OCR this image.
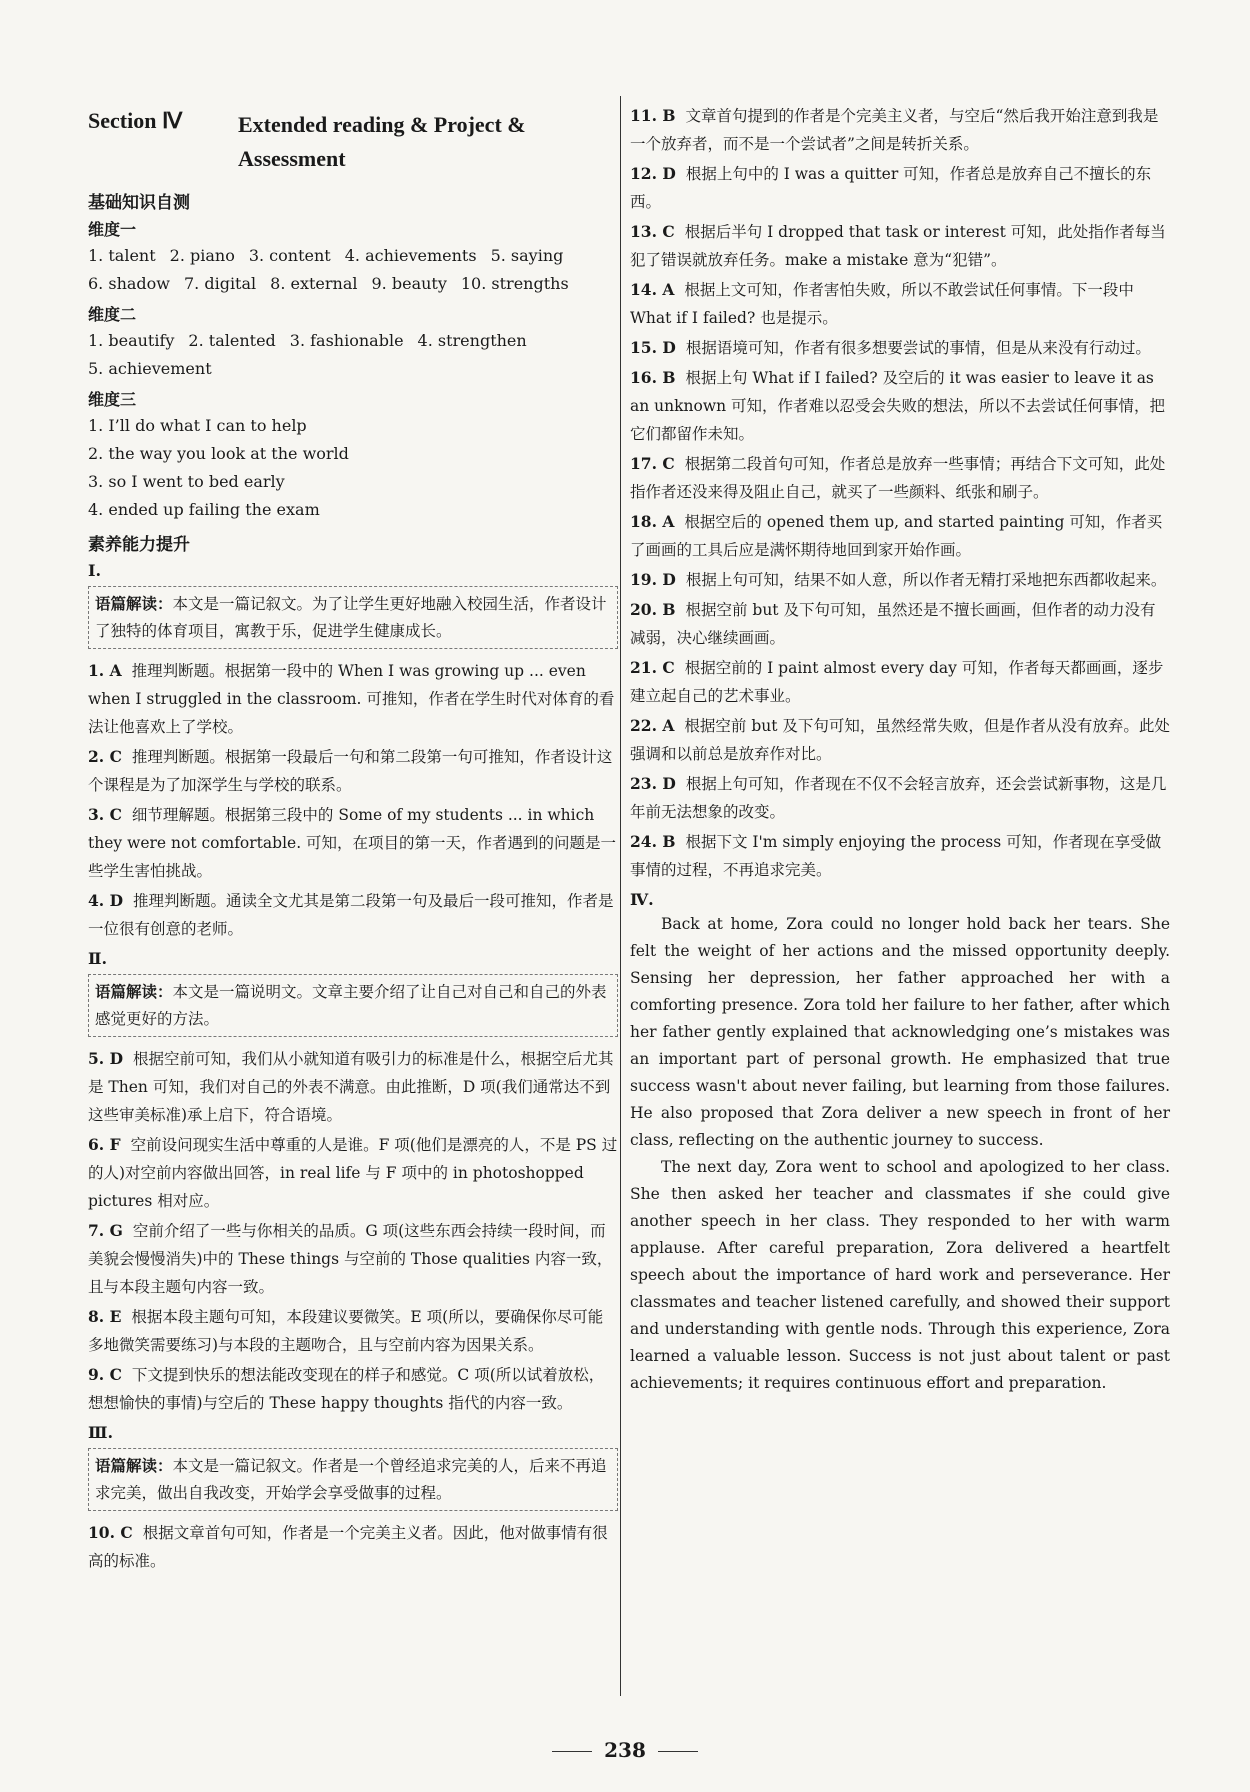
Section Ⅳ	Extended reading & Project & Assessment
基础知识自测
维度一
1. talent 2. piano 3. content 4. achievements 5. saying
6. shadow 7. digital 8. external 9. beauty 10. strengths
维度二
1. beautify 2. talented 3. fashionable 4. strengthen
5. achievement
维度三
1. I’ll do what I can to help
2. the way you look at the world
3. so I went to bed early
4. ended up failing the exam
素养能力提升
Ⅰ.
语篇解读：本文是一篇记叙文。为了让学生更好地融入校园生活，作者设计了独特的体育项目，寓教于乐，促进学生健康成长。
1. A 推理判断题。根据第一段中的 When I was growing up ... even when I struggled in the classroom. 可推知，作者在学生时代对体育的看法让他喜欢上了学校。
2. C 推理判断题。根据第一段最后一句和第二段第一句可推知，作者设计这个课程是为了加深学生与学校的联系。
3. C 细节理解题。根据第三段中的 Some of my students ... in which they were not comfortable. 可知，在项目的第一天，作者遇到的问题是一些学生害怕挑战。
4. D 推理判断题。通读全文尤其是第二段第一句及最后一段可推知，作者是一位很有创意的老师。
Ⅱ.
语篇解读：本文是一篇说明文。文章主要介绍了让自己对自己和自己的外表感觉更好的方法。
5. D 根据空前可知，我们从小就知道有吸引力的标准是什么，根据空后尤其是 Then 可知，我们对自己的外表不满意。由此推断，D 项(我们通常达不到这些审美标准)承上启下，符合语境。
6. F 空前设问现实生活中尊重的人是谁。F 项(他们是漂亮的人，不是 PS 过的人)对空前内容做出回答，in real life 与 F 项中的 in photoshopped pictures 相对应。
7. G 空前介绍了一些与你相关的品质。G 项(这些东西会持续一段时间，而美貌会慢慢消失)中的 These things 与空前的 Those qualities 内容一致，且与本段主题句内容一致。
8. E 根据本段主题句可知，本段建议要微笑。E 项(所以，要确保你尽可能多地微笑需要练习)与本段的主题吻合，且与空前内容为因果关系。
9. C 下文提到快乐的想法能改变现在的样子和感觉。C 项(所以试着放松，想想愉快的事情)与空后的 These happy thoughts 指代的内容一致。
Ⅲ.
语篇解读：本文是一篇记叙文。作者是一个曾经追求完美的人，后来不再追求完美，做出自我改变，开始学会享受做事的过程。
10. C 根据文章首句可知，作者是一个完美主义者。因此，他对做事情有很高的标准。
11. B 文章首句提到的作者是个完美主义者，与空后“然后我开始注意到我是一个放弃者，而不是一个尝试者”之间是转折关系。
12. D 根据上句中的 I was a quitter 可知，作者总是放弃自己不擅长的东西。
13. C 根据后半句 I dropped that task or interest 可知，此处指作者每当犯了错误就放弃任务。make a mistake 意为“犯错”。
14. A 根据上文可知，作者害怕失败，所以不敢尝试任何事情。下一段中 What if I failed? 也是提示。
15. D 根据语境可知，作者有很多想要尝试的事情，但是从来没有行动过。
16. B 根据上句 What if I failed? 及空后的 it was easier to leave it as an unknown 可知，作者难以忍受会失败的想法，所以不去尝试任何事情，把它们都留作未知。
17. C 根据第二段首句可知，作者总是放弃一些事情；再结合下文可知，此处指作者还没来得及阻止自己，就买了一些颜料、纸张和刷子。
18. A 根据空后的 opened them up, and started painting 可知，作者买了画画的工具后应是满怀期待地回到家开始作画。
19. D 根据上句可知，结果不如人意，所以作者无精打采地把东西都收起来。
20. B 根据空前 but 及下句可知，虽然还是不擅长画画，但作者的动力没有减弱，决心继续画画。
21. C 根据空前的 I paint almost every day 可知，作者每天都画画，逐步建立起自己的艺术事业。
22. A 根据空前 but 及下句可知，虽然经常失败，但是作者从没有放弃。此处强调和以前总是放弃作对比。
23. D 根据上句可知，作者现在不仅不会轻言放弃，还会尝试新事物，这是几年前无法想象的改变。
24. B 根据下文 I'm simply enjoying the process 可知，作者现在享受做事情的过程，不再追求完美。
Ⅳ.

Back at home, Zora could no longer hold back her tears. She felt the weight of her actions and the missed opportunity deeply. Sensing her depression, her father approached her with a comforting presence. Zora told her failure to her father, after which her father gently explained that acknowledging one’s mistakes was an important part of personal growth. He emphasized that true success wasn't about never failing, but learning from those failures. He also proposed that Zora deliver a new speech in front of her class, reflecting on the authentic journey to success.

The next day, Zora went to school and apologized to her class. She then asked her teacher and classmates if she could give another speech in her class. They responded to her with warm applause. After careful preparation, Zora delivered a heartfelt speech about the importance of hard work and perseverance. Her classmates and teacher listened carefully, and showed their support and understanding with gentle nods. Through this experience, Zora learned a valuable lesson. Success is not just about talent or past achievements; it requires continuous effort and preparation.

238
